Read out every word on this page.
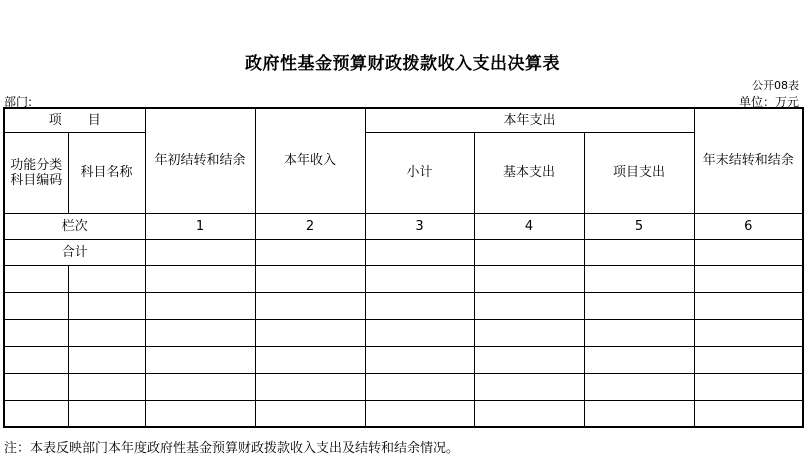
政府性基金预算财政拨款收入支出决算表
公开08表
部门:	单位：万元
项　　目		年初结转和结余	本年收入	本年支出			年末结转和结余
功能分类科目编码	科目名称			小计	基本支出	项目支出	

栏次		1	2	3	4	5	6
合计							

注：本表反映部门本年度政府性基金预算财政拨款收入支出及结转和结余情况。
